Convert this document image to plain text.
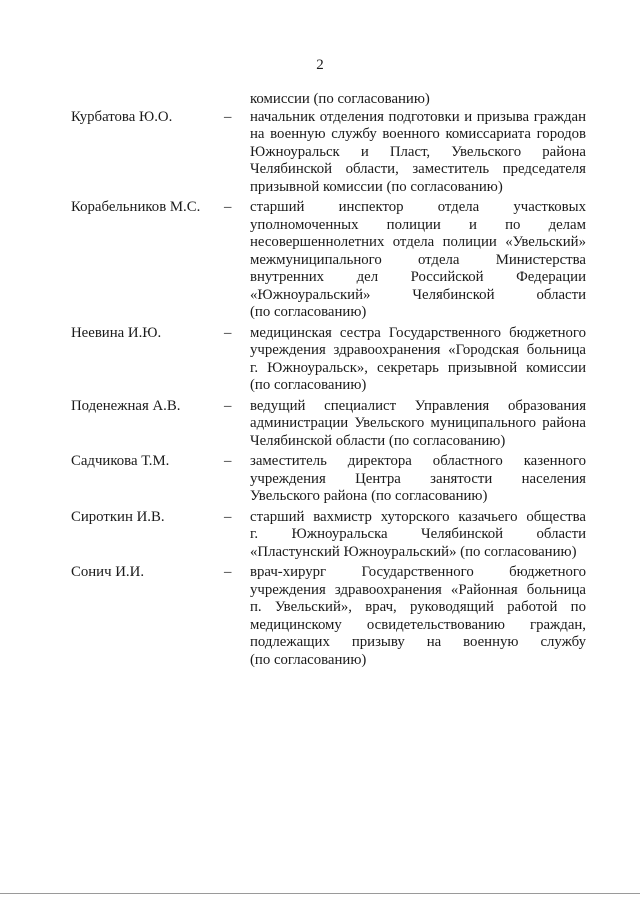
2
комиссии (по согласованию)
Курбатова Ю.О.	– начальник отделения подготовки и призыва граждан
на военную службу военного комиссариата городов
Южноуральск и Пласт, Увельского района
Челябинской области, заместитель председателя
призывной комиссии (по согласованию)
Корабельников М.С. – старший инспектор отдела участковых
уполномоченных полиции и по делам
несовершеннолетних отдела полиции «Увельский»
межмуниципального отдела Министерства
внутренних дел Российской Федерации
«Южноуральский» Челябинской области
(по согласованию)
Неевина И.Ю.	– медицинская сестра Государственного бюджетного
учреждения здравоохранения «Городская больница
г. Южноуральск», секретарь призывной комиссии
(по согласованию)
Поденежная А.В.	– ведущий специалист Управления образования
администрации Увельского муниципального района
Челябинской области (по согласованию)
Садчикова Т.М.	– заместитель директора областного казенного
учреждения Центра занятости населения
Увельского района (по согласованию)
Сироткин И.В.	– старший вахмистр хуторского казачьего общества
г. Южноуральска Челябинской области
«Пластунский Южноуральский» (по согласованию)
Сонич И.И.	– врач-хирург Государственного бюджетного
учреждения здравоохранения «Районная больница
п. Увельский», врач, руководящий работой по
медицинскому освидетельствованию граждан,
подлежащих призыву на военную службу
(по согласованию)
